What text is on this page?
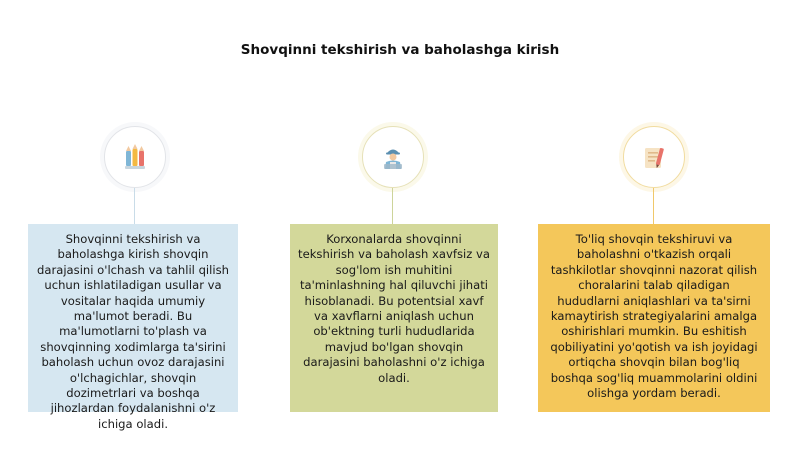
Shovqinni tekshirish va baholashga kirish
Shovqinni tekshirish va baholashga kirish shovqin darajasini o'lchash va tahlil qilish uchun ishlatiladigan usullar va vositalar haqida umumiy ma'lumot beradi. Bu ma'lumotlarni to'plash va shovqinning xodimlarga ta'sirini baholash uchun ovoz darajasini o'lchagichlar, shovqin dozimetrlari va boshqa jihozlardan foydalanishni o'z ichiga oladi.
Korxonalarda shovqinni tekshirish va baholash xavfsiz va sog'lom ish muhitini ta'minlashning hal qiluvchi jihati hisoblanadi. Bu potentsial xavf va xavflarni aniqlash uchun ob'ektning turli hududlarida mavjud bo'lgan shovqin darajasini baholashni o'z ichiga oladi.
To'liq shovqin tekshiruvi va baholashni o'tkazish orqali tashkilotlar shovqinni nazorat qilish choralarini talab qiladigan hududlarni aniqlashlari va ta'sirni kamaytirish strategiyalarini amalga oshirishlari mumkin. Bu eshitish qobiliyatini yo'qotish va ish joyidagi ortiqcha shovqin bilan bog'liq boshqa sog'liq muammolarini oldini olishga yordam beradi.
